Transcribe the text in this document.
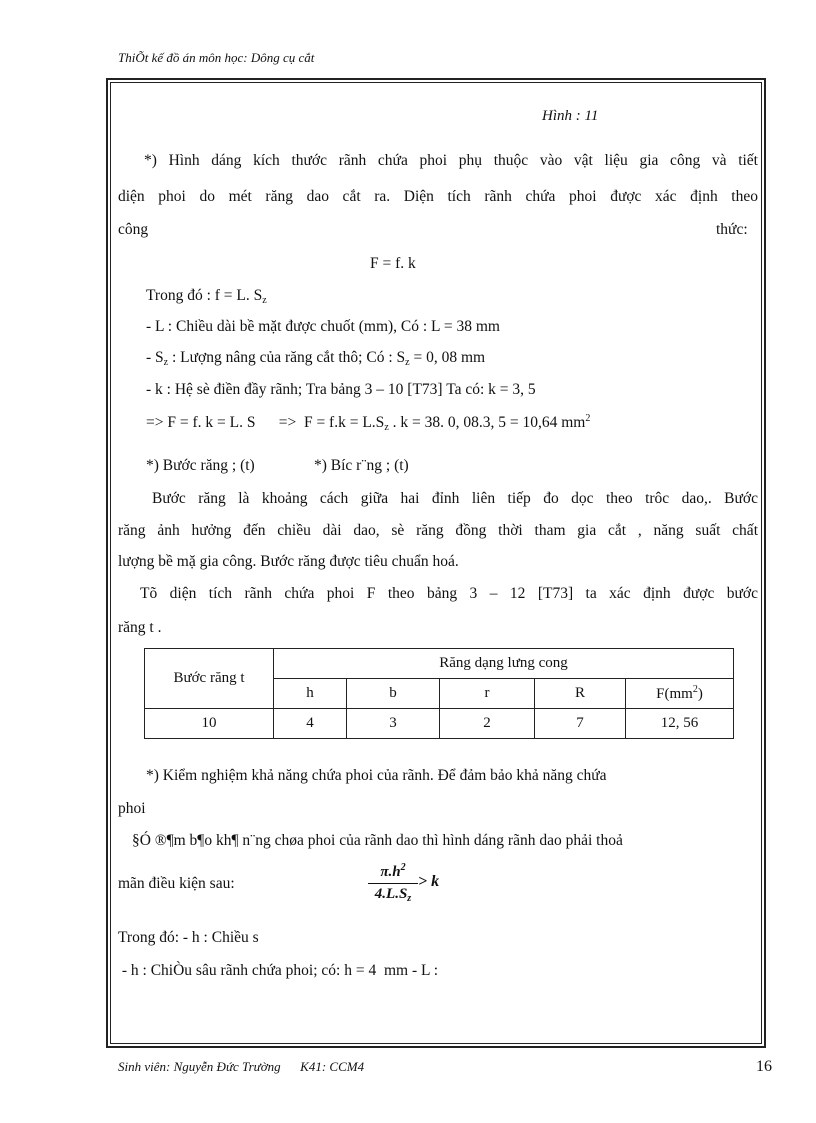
ThiÕt kế đồ án môn học: Dông cụ cắt
Hình : 11
*) Hình dáng kích thước rãnh chứa phoi phụ thuộc vào vật liệu gia công và tiết
diện phoi do mét răng dao cắt ra. Diện tích rãnh chứa phoi được xác định theo
công	thức:
F = f. k
Trong đó : f = L. $S_z$
- L : Chiều dài bề mặt được chuốt (mm), Có : L = 38 mm
- $S_z$ : Lượng nâng của răng cắt thô; Có : $S_z = 0$, 08 mm
- k : Hệ sè điền đầy rãnh; Tra bảng 3 – 10 [T73] Ta có: k = 3, 5
=> F = f. k = L. S      =>  $F = f.k = L.S_z$ . k = 38. 0, 08.3, 5 = 10,64 $mm^2$
*) Bước răng ; (t)	*) Bíc r¨ng ; (t)
Bước răng là khoảng cách giữa hai đỉnh liên tiếp đo dọc theo trôc dao,. Bước
răng ảnh hưởng đến chiều dài dao, sè răng đồng thời tham gia cắt , năng suất chất
lượng bề mặ gia công. Bước răng được tiêu chuẩn hoá.
Tõ diện tích rãnh chứa phoi F theo bảng 3 – 12 [T73] ta xác định được bước
răng t .
Bước răng t	Răng dạng lưng cong				
	h	b	r	R	$F(mm^2)$
10	4	3	2	7	12, 56
*) Kiểm nghiệm khả năng chứa phoi của rãnh. Để đảm bảo khả năng chứa
phoi
§Ó ®¶m b¶o kh¶ n¨ng chøa phoi của rãnh dao thì hình dáng rãnh dao phải thoả
mãn điều kiện sau:	$\frac{\pi.h^2}{4.L.S_z} > k$
Trong đó: - h : Chiều s
- h : ChiÒu sâu rãnh chứa phoi; có: h = 4  mm - L :
Sinh viên: Nguyễn Đức Trường      K41: CCM4	16
